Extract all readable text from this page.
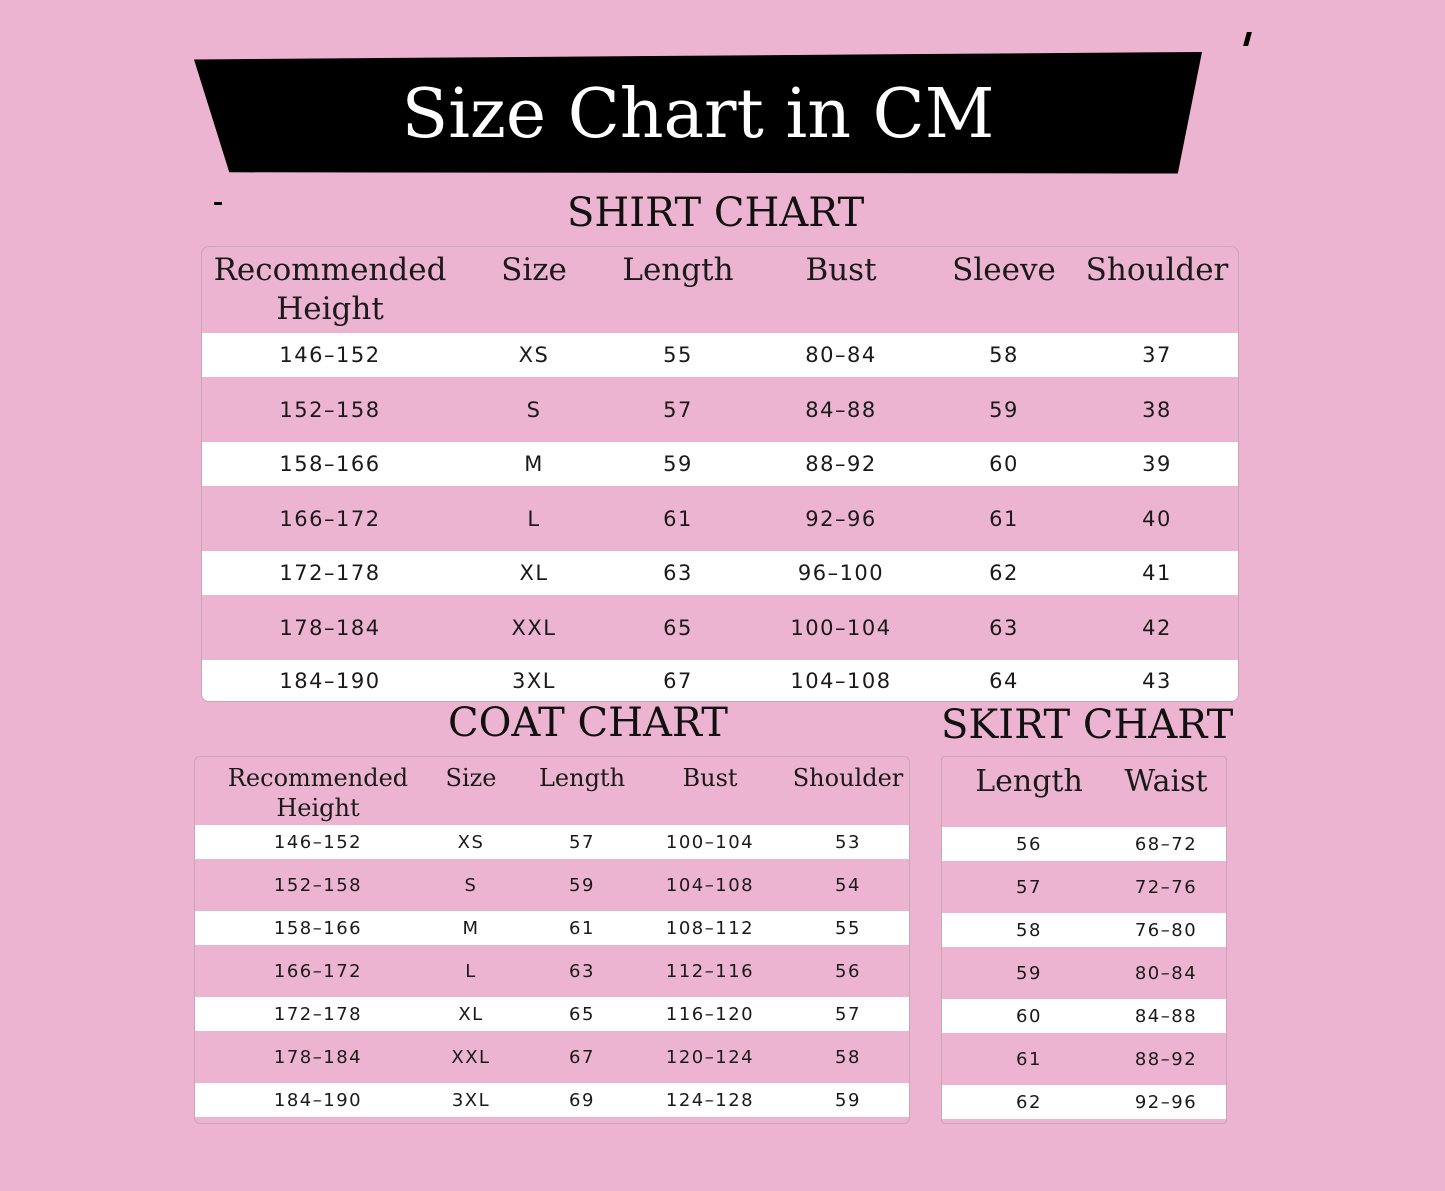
Size Chart in CM
SHIRT CHART
Recommended
Height
Size Length Bust Sleeve Shoulder
146–152	XS	55	80–84	58	37
152–158	S	57	84–88	59	38
158–166	M	59	88–92	60	39
166–172	L	61	92–96	61	40
172–178	XL	63	96–100	62	41
178–184	XXL	65	100–104	63	42
184–190	3XL	67	104–108	64	43
COAT CHART
Recommended
Height
Size Length Bust Shoulder
146–152	XS	57	100–104	53
152–158	S	59	104–108	54
158–166	M	61	108–112	55
166–172	L	63	112–116	56
172–178	XL	65	116–120	57
178–184	XXL	67	120–124	58
184–190	3XL	69	124–128	59
SKIRT CHART
Length Waist
56	68–72
57	72–76
58	76–80
59	80–84
60	84–88
61	88–92
62	92–96
